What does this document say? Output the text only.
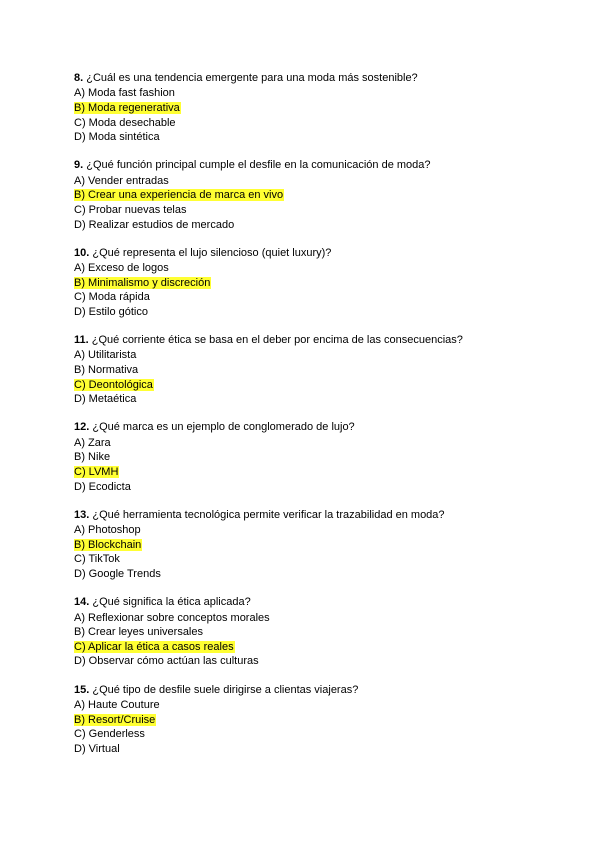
8. ¿Cuál es una tendencia emergente para una moda más sostenible?
A) Moda fast fashion
B) Moda regenerativa
C) Moda desechable
D) Moda sintética
9. ¿Qué función principal cumple el desfile en la comunicación de moda?
A) Vender entradas
B) Crear una experiencia de marca en vivo
C) Probar nuevas telas
D) Realizar estudios de mercado
10. ¿Qué representa el lujo silencioso (quiet luxury)?
A) Exceso de logos
B) Minimalismo y discreción
C) Moda rápida
D) Estilo gótico
11. ¿Qué corriente ética se basa en el deber por encima de las consecuencias?
A) Utilitarista
B) Normativa
C) Deontológica
D) Metaética
12. ¿Qué marca es un ejemplo de conglomerado de lujo?
A) Zara
B) Nike
C) LVMH
D) Ecodicta
13. ¿Qué herramienta tecnológica permite verificar la trazabilidad en moda?
A) Photoshop
B) Blockchain
C) TikTok
D) Google Trends
14. ¿Qué significa la ética aplicada?
A) Reflexionar sobre conceptos morales
B) Crear leyes universales
C) Aplicar la ética a casos reales
D) Observar cómo actúan las culturas
15. ¿Qué tipo de desfile suele dirigirse a clientas viajeras?
A) Haute Couture
B) Resort/Cruise
C) Genderless
D) Virtual
